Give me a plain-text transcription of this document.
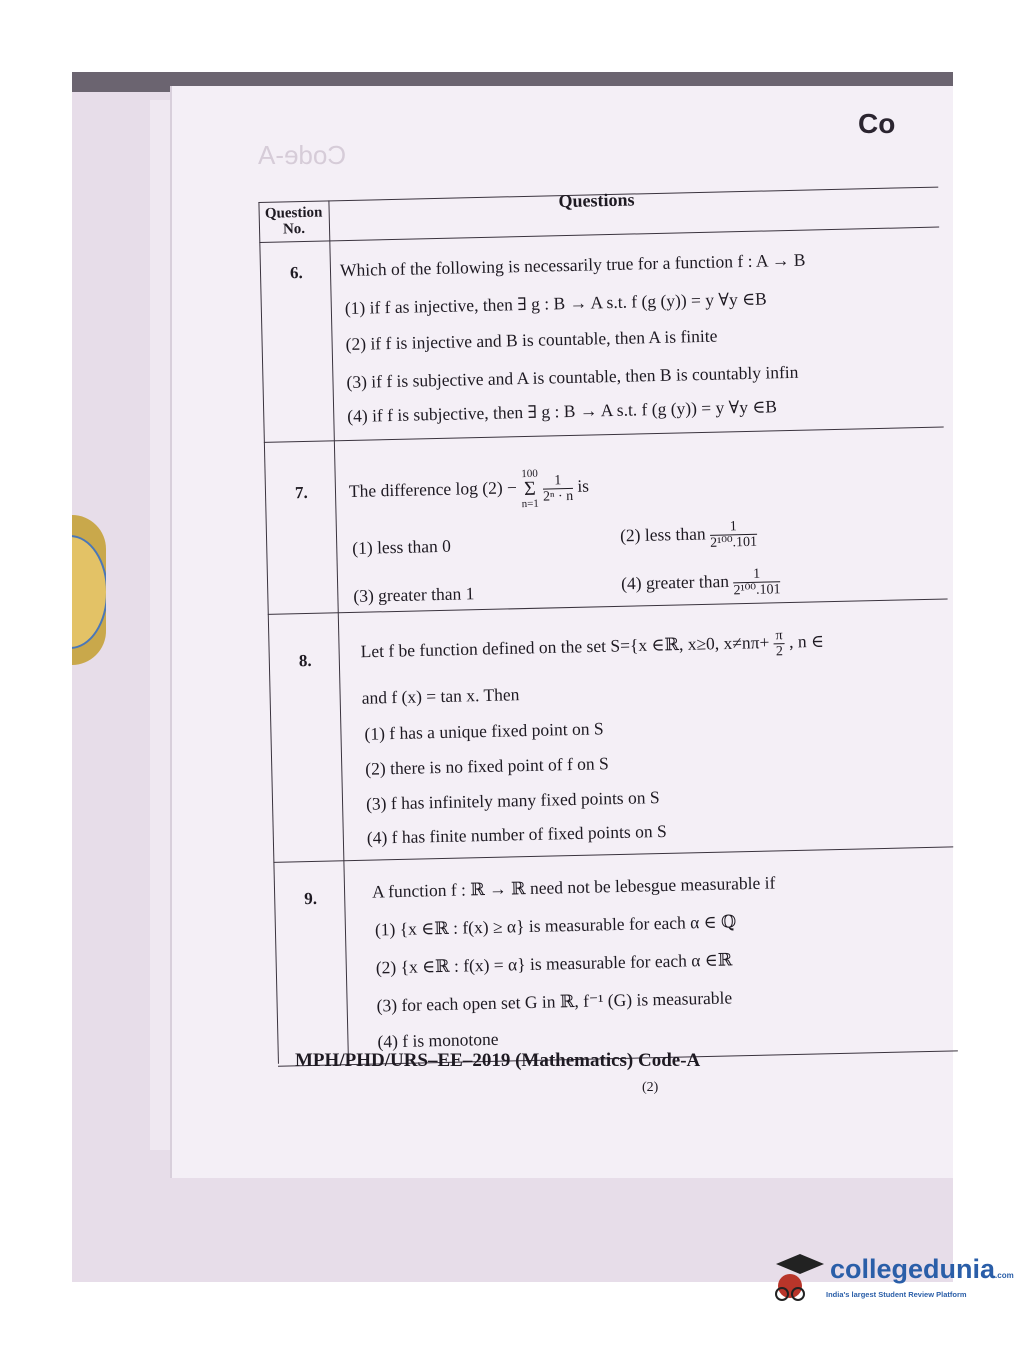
Co
Code-A
Question No.
Questions
6. Which of the following is necessarily true for a function f : A → B
(1) if f as injective, then ∃ g : B → A s.t. f (g (y)) = y ∀y ∈B
(2) if f is injective and B is countable, then A is finite
(3) if f is subjective and A is countable, then B is countably infin
(4) if f is subjective, then ∃ g : B → A s.t. f (g (y)) = y ∀y ∈B
7. The difference log (2) −
100
Σ
n=1
$\frac{1}{\text{2ⁿ · n}}$ is
(1) less than 0
(2) less than $\frac{1}{\text{2¹⁰⁰.101}}$
(3) greater than 1
(4) greater than $\frac{1}{\text{2¹⁰⁰.101}}$
8.	Let f be function defined on the set S={x ∈ℝ, x≥0, $x\ne n\pi+ \frac{\pi}{2}$ , n ∈
and f (x) = tan x. Then
(1) f has a unique fixed point on S
(2) there is no fixed point of f on S
(3) f has infinitely many fixed points on S
(4) f has finite number of fixed points on S
9.	A function f : ℝ → ℝ need not be lebesgue measurable if
(1) {x ∈ℝ : f(x) ≥ α} is measurable for each α ∈ ℚ
(2) {x ∈ℝ : f(x) = α} is measurable for each α ∈ℝ
(3) for each open set G in ℝ, f⁻¹ (G) is measurable
(4) f is monotone
MPH/PHD/URS–EE–2019 (Mathematics) Code-A
(2)
collegedunia.com
India's largest Student Review Platform
